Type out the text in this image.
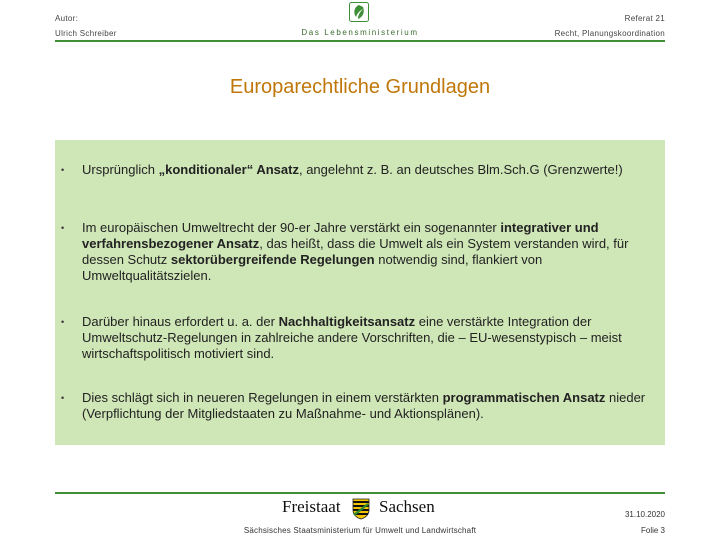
Autor:
Ulrich Schreiber	Das Lebensministerium
Referat 21
Recht, Planungskoordination
Europarechtliche Grundlagen
• Ursprünglich „konditionaler“ Ansatz, angelehnt z. B. an deutsches Blm.Sch.G (Grenzwerte!)
• Im europäischen Umweltrecht der 90-er Jahre verstärkt ein sogenannter integrativer und verfahrensbezogener Ansatz, das heißt, dass die Umwelt als ein System verstanden wird, für dessen Schutz sektorübergreifende Regelungen notwendig sind, flankiert von Umweltqualitätszielen.
• Darüber hinaus erfordert u. a. der Nachhaltigkeitsansatz eine verstärkte Integration der Umweltschutz-Regelungen in zahlreiche andere Vorschriften, die – EU-wesenstypisch – meist wirtschaftspolitisch motiviert sind.
• Dies schlägt sich in neueren Regelungen in einem verstärkten programmatischen Ansatz nieder (Verpflichtung der Mitgliedstaaten zu Maßnahme- und Aktionsplänen).
Freistaat Sachsen	31.10.2020
Sächsisches Staatsministerium für Umwelt und Landwirtschaft	Folie 3
